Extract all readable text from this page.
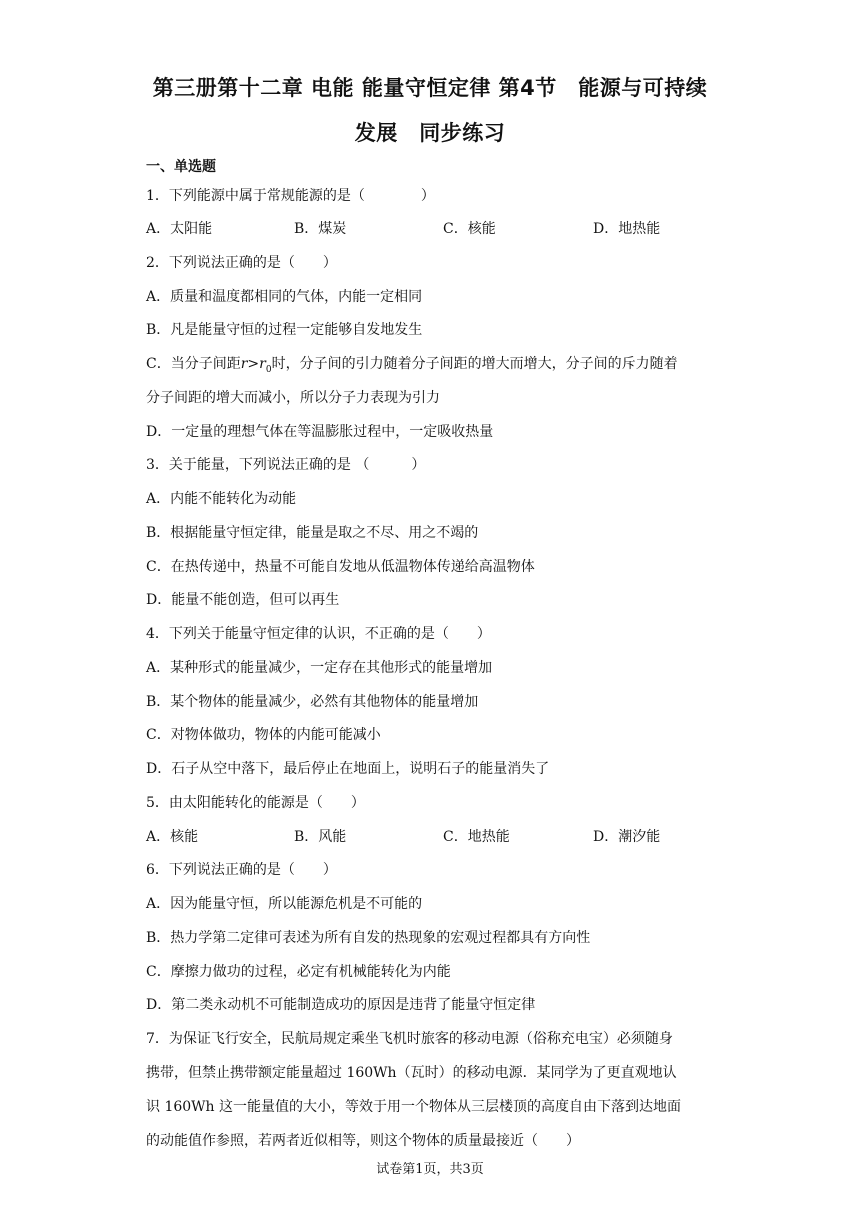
第三册第十二章 电能 能量守恒定律 第4节　能源与可持续
发展　同步练习
一、单选题
1．下列能源中属于常规能源的是（　　　　）
A．太阳能	B．煤炭	C．核能	D．地热能
2．下列说法正确的是（　　）
A．质量和温度都相同的气体，内能一定相同
B．凡是能量守恒的过程一定能够自发地发生
C．当分子间距$r>r_0$时，分子间的引力随着分子间距的增大而增大，分子间的斥力随着
分子间距的增大而减小，所以分子力表现为引力
D．一定量的理想气体在等温膨胀过程中，一定吸收热量
3．关于能量，下列说法正确的是 （　　　）
A．内能不能转化为动能
B．根据能量守恒定律，能量是取之不尽、用之不竭的
C．在热传递中，热量不可能自发地从低温物体传递给高温物体
D．能量不能创造，但可以再生
4．下列关于能量守恒定律的认识，不正确的是（　　）
A．某种形式的能量减少，一定存在其他形式的能量增加
B．某个物体的能量减少，必然有其他物体的能量增加
C．对物体做功，物体的内能可能减小
D．石子从空中落下，最后停止在地面上，说明石子的能量消失了
5．由太阳能转化的能源是（　　）
A．核能	B．风能	C．地热能	D．潮汐能
6．下列说法正确的是（　　）
A．因为能量守恒，所以能源危机是不可能的
B．热力学第二定律可表述为所有自发的热现象的宏观过程都具有方向性
C．摩擦力做功的过程，必定有机械能转化为内能
D．第二类永动机不可能制造成功的原因是违背了能量守恒定律
7．为保证飞行安全，民航局规定乘坐飞机时旅客的移动电源（俗称充电宝）必须随身
携带，但禁止携带额定能量超过 160Wh（瓦时）的移动电源．某同学为了更直观地认
识 160Wh 这一能量值的大小，等效于用一个物体从三层楼顶的高度自由下落到达地面
的动能值作参照，若两者近似相等，则这个物体的质量最接近（　　）
试卷第1页，共3页
